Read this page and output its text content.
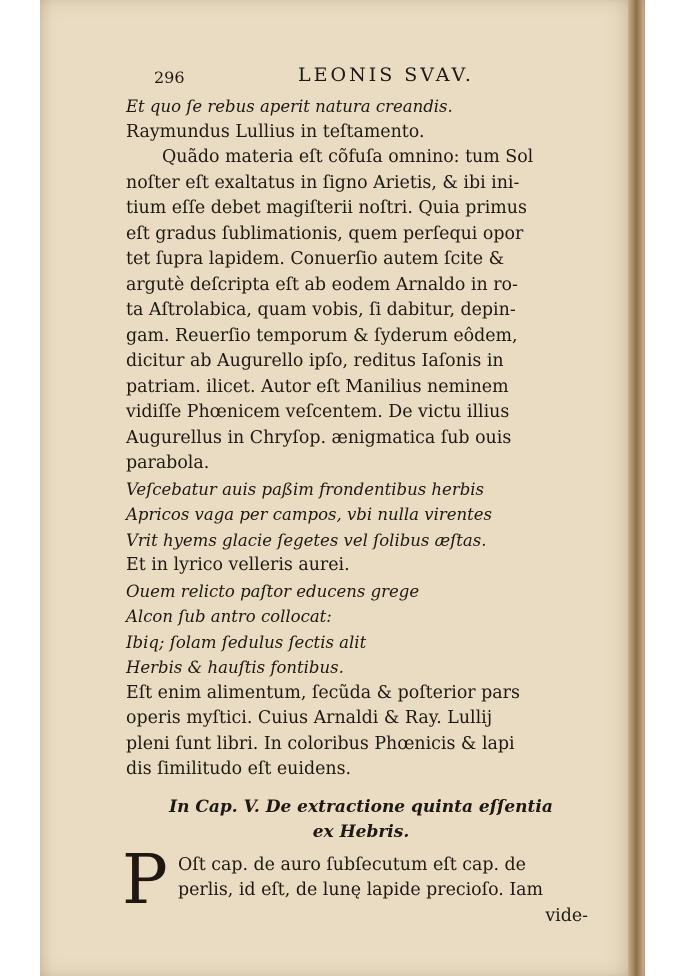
296	LEONIS SVAV.
Et quo ſe rebus aperit natura creandis.
Raymundus Lullius in teſtamento.
Quãdo materia eſt cõfuſa omnino: tum Sol
noſter eſt exaltatus in ſigno Arietis, & ibi ini-
tium eſſe debet magiſterii noſtri. Quia primus
eſt gradus ſublimationis, quem perſequi opor
tet ſupra lapidem. Conuerſio autem ſcite &
argutè deſcripta eſt ab eodem Arnaldo in ro-
ta Aſtrolabica, quam vobis, ſi dabitur, depin-
gam. Reuerſio temporum & ſyderum eôdem,
dicitur ab Augurello ipſo, reditus Iaſonis in
patriam. ilicet. Autor eſt Manilius neminem
vidiſſe Phœnicem veſcentem. De victu illius
Augurellus in Chryſop. ænigmatica ſub ouis
parabola.
Veſcebatur auis paßim frondentibus herbis
Apricos vaga per campos, vbi nulla virentes
Vrit hyems glacie ſegetes vel ſolibus æſtas.
Et in lyrico velleris aurei.
Ouem relicto paſtor educens grege
Alcon ſub antro collocat:
Ibiq; ſolam ſedulus ſectis alit
Herbis & hauſtis fontibus.
Eſt enim alimentum, ſecũda & poſterior pars
operis myſtici. Cuius Arnaldi & Ray. Lullij
pleni ſunt libri. In coloribus Phœnicis & lapi
dis ſimilitudo eſt euidens.
In Cap. V. De extractione quinta eſſentia
ex Hebris.
Oſt cap. de auro ſubſecutum eſt cap. de
perlis, id eſt, de lunę lapide precioſo. Iam
vide-
P
